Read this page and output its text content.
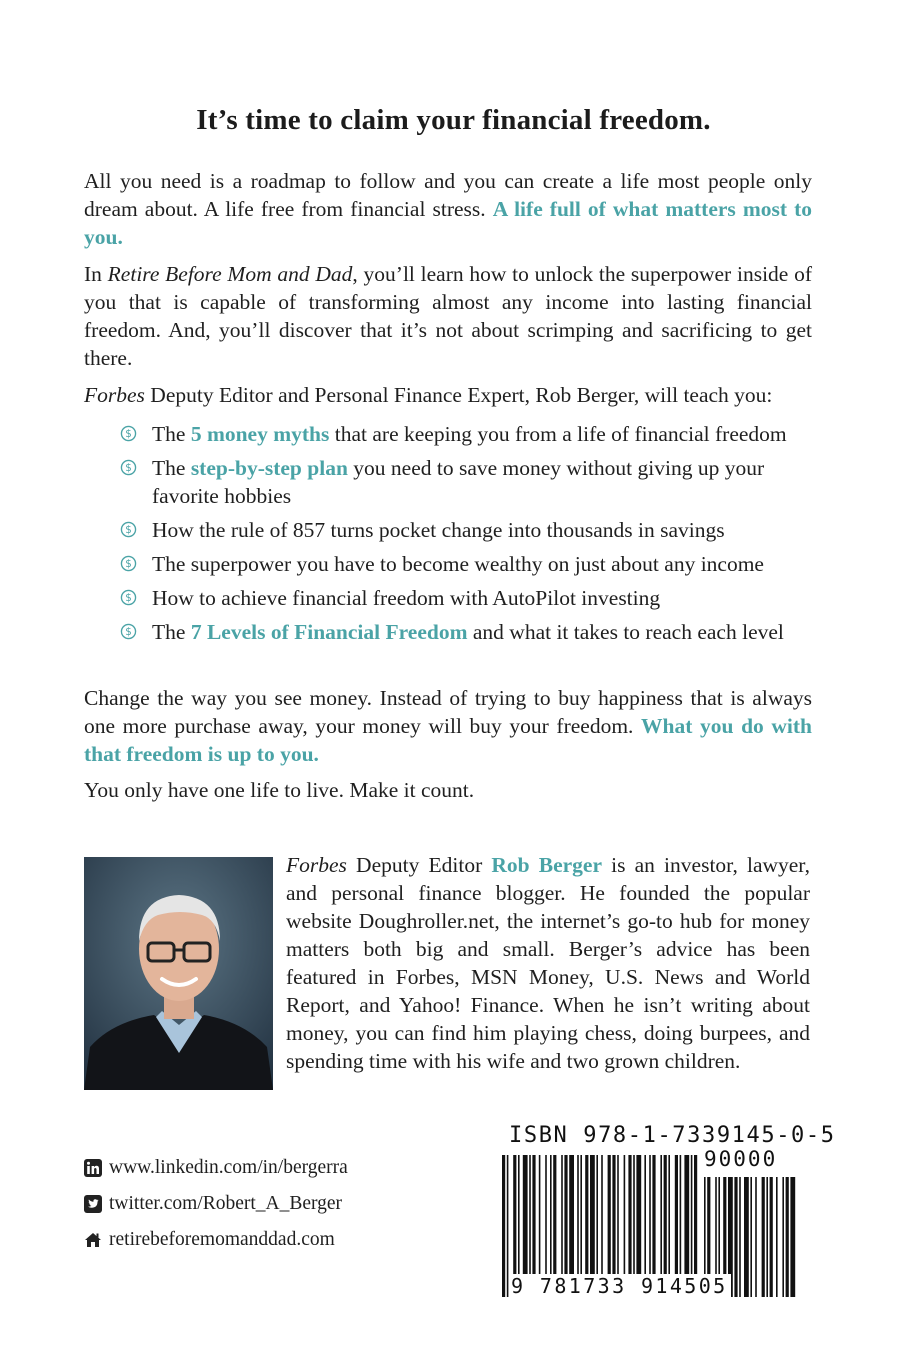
It’s time to claim your financial freedom.

All you need is a roadmap to follow and you can create a life most people only dream about. A life free from financial stress. A life full of what matters most to you.

In Retire Before Mom and Dad, you’ll learn how to unlock the superpower inside of you that is capable of transforming almost any income into lasting financial freedom. And, you’ll discover that it’s not about scrimping and sacrificing to get there.

Forbes Deputy Editor and Personal Finance Expert, Rob Berger, will teach you:

$ The 5 money myths that are keeping you from a life of financial freedom
$ The step-by-step plan you need to save money without giving up your favorite hobbies
$ How the rule of 857 turns pocket change into thousands in savings
$ The superpower you have to become wealthy on just about any income
$ How to achieve financial freedom with AutoPilot investing
$ The 7 Levels of Financial Freedom and what it takes to reach each level

Change the way you see money. Instead of trying to buy happiness that is always one more purchase away, your money will buy your freedom. What you do with that freedom is up to you.

You only have one life to live. Make it count.

Forbes Deputy Editor Rob Berger is an investor, lawyer, and personal finance blogger. He founded the popular website Doughroller.net, the internet’s go-to hub for money matters both big and small. Berger’s advice has been featured in Forbes, MSN Money, U.S. News and World Report, and Yahoo! Finance. When he isn’t writing about money, you can find him playing chess, doing burpees, and spending time with his wife and two grown children.

www.linkedin.com/in/bergerra
twitter.com/Robert_A_Berger
retirebeforemomanddad.com
ISBN 978-1-7339145-0-5
90000
9 781733 914505
